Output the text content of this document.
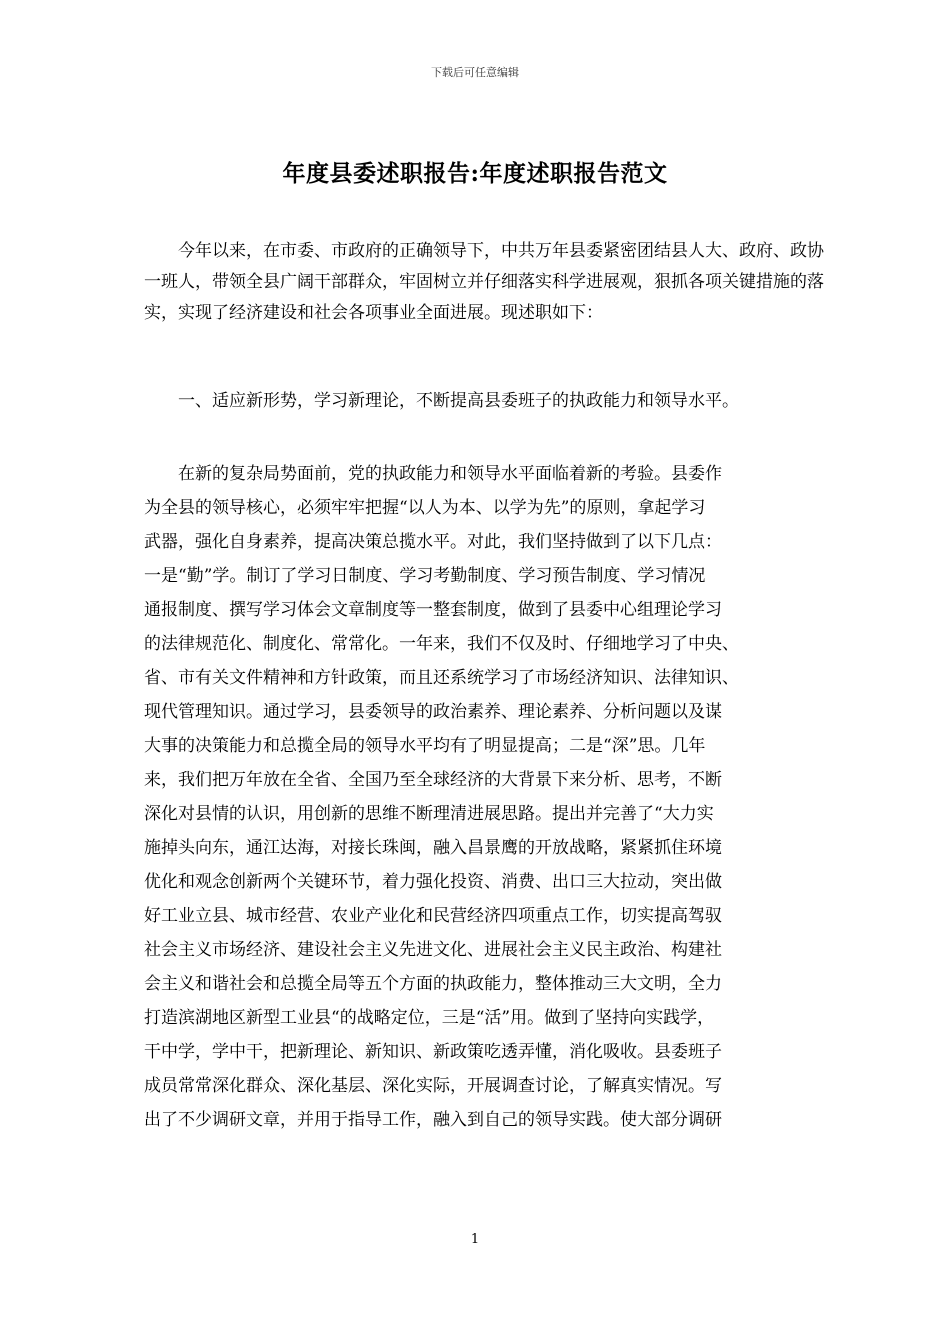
下载后可任意编辑
年度县委述职报告:年度述职报告范文

今年以来，在市委、市政府的正确领导下，中共万年县委紧密团结县人大、政府、政协一班人，带领全县广阔干部群众，牢固树立并仔细落实科学进展观，狠抓各项关键措施的落实，实现了经济建设和社会各项事业全面进展。现述职如下：

一、适应新形势，学习新理论，不断提高县委班子的执政能力和领导水平。

在新的复杂局势面前，党的执政能力和领导水平面临着新的考验。县委作
为全县的领导核心，必须牢牢把握“以人为本、以学为先”的原则，拿起学习
武器，强化自身素养，提高决策总揽水平。对此，我们坚持做到了以下几点：
一是“勤”学。制订了学习日制度、学习考勤制度、学习预告制度、学习情况
通报制度、撰写学习体会文章制度等一整套制度，做到了县委中心组理论学习
的法律规范化、制度化、常常化。一年来，我们不仅及时、仔细地学习了中央、
省、市有关文件精神和方针政策，而且还系统学习了市场经济知识、法律知识、
现代管理知识。通过学习，县委领导的政治素养、理论素养、分析问题以及谋
大事的决策能力和总揽全局的领导水平均有了明显提高；二是“深”思。几年
来，我们把万年放在全省、全国乃至全球经济的大背景下来分析、思考，不断
深化对县情的认识，用创新的思维不断理清进展思路。提出并完善了“大力实
施掉头向东，通江达海，对接长珠闽，融入昌景鹰的开放战略，紧紧抓住环境
优化和观念创新两个关键环节，着力强化投资、消费、出口三大拉动，突出做
好工业立县、城市经营、农业产业化和民营经济四项重点工作，切实提高驾驭
社会主义市场经济、建设社会主义先进文化、进展社会主义民主政治、构建社
会主义和谐社会和总揽全局等五个方面的执政能力，整体推动三大文明，全力
打造滨湖地区新型工业县“的战略定位，三是“活”用。做到了坚持向实践学，
干中学，学中干，把新理论、新知识、新政策吃透弄懂，消化吸收。县委班子
成员常常深化群众、深化基层、深化实际，开展调查讨论，了解真实情况。写
出了不少调研文章，并用于指导工作，融入到自己的领导实践。使大部分调研

1
